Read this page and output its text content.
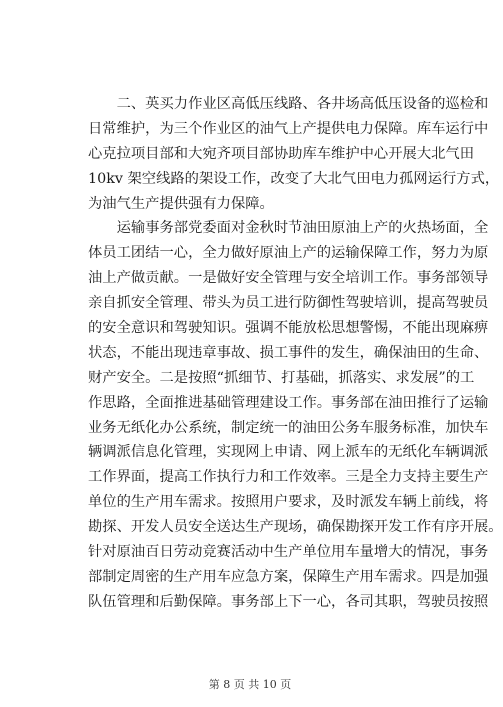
　　二、英买力作业区高低压线路、各井场高低压设备的巡检和
日常维护，为三个作业区的油气上产提供电力保障。库车运行中
心克拉项目部和大宛齐项目部协助库车维护中心开展大北气田
10kv 架空线路的架设工作，改变了大北气田电力孤网运行方式，
为油气生产提供强有力保障。
　　运输事务部党委面对金秋时节油田原油上产的火热场面，全
体员工团结一心，全力做好原油上产的运输保障工作，努力为原
油上产做贡献。一是做好安全管理与安全培训工作。事务部领导
亲自抓安全管理、带头为员工进行防御性驾驶培训，提高驾驶员
的安全意识和驾驶知识。强调不能放松思想警惕，不能出现麻痹
状态，不能出现违章事故、损工事件的发生，确保油田的生命、
财产安全。二是按照“抓细节、打基础，抓落实、求发展”的工
作思路，全面推进基础管理建设工作。事务部在油田推行了运输
业务无纸化办公系统，制定统一的油田公务车服务标准，加快车
辆调派信息化管理，实现网上申请、网上派车的无纸化车辆调派
工作界面，提高工作执行力和工作效率。三是全力支持主要生产
单位的生产用车需求。按照用户要求，及时派发车辆上前线，将
勘探、开发人员安全送达生产现场，确保勘探开发工作有序开展。
针对原油百日劳动竞赛活动中生产单位用车量增大的情况，事务
部制定周密的生产用车应急方案，保障生产用车需求。四是加强
队伍管理和后勤保障。事务部上下一心，各司其职，驾驶员按照
第 8 页 共 10 页
